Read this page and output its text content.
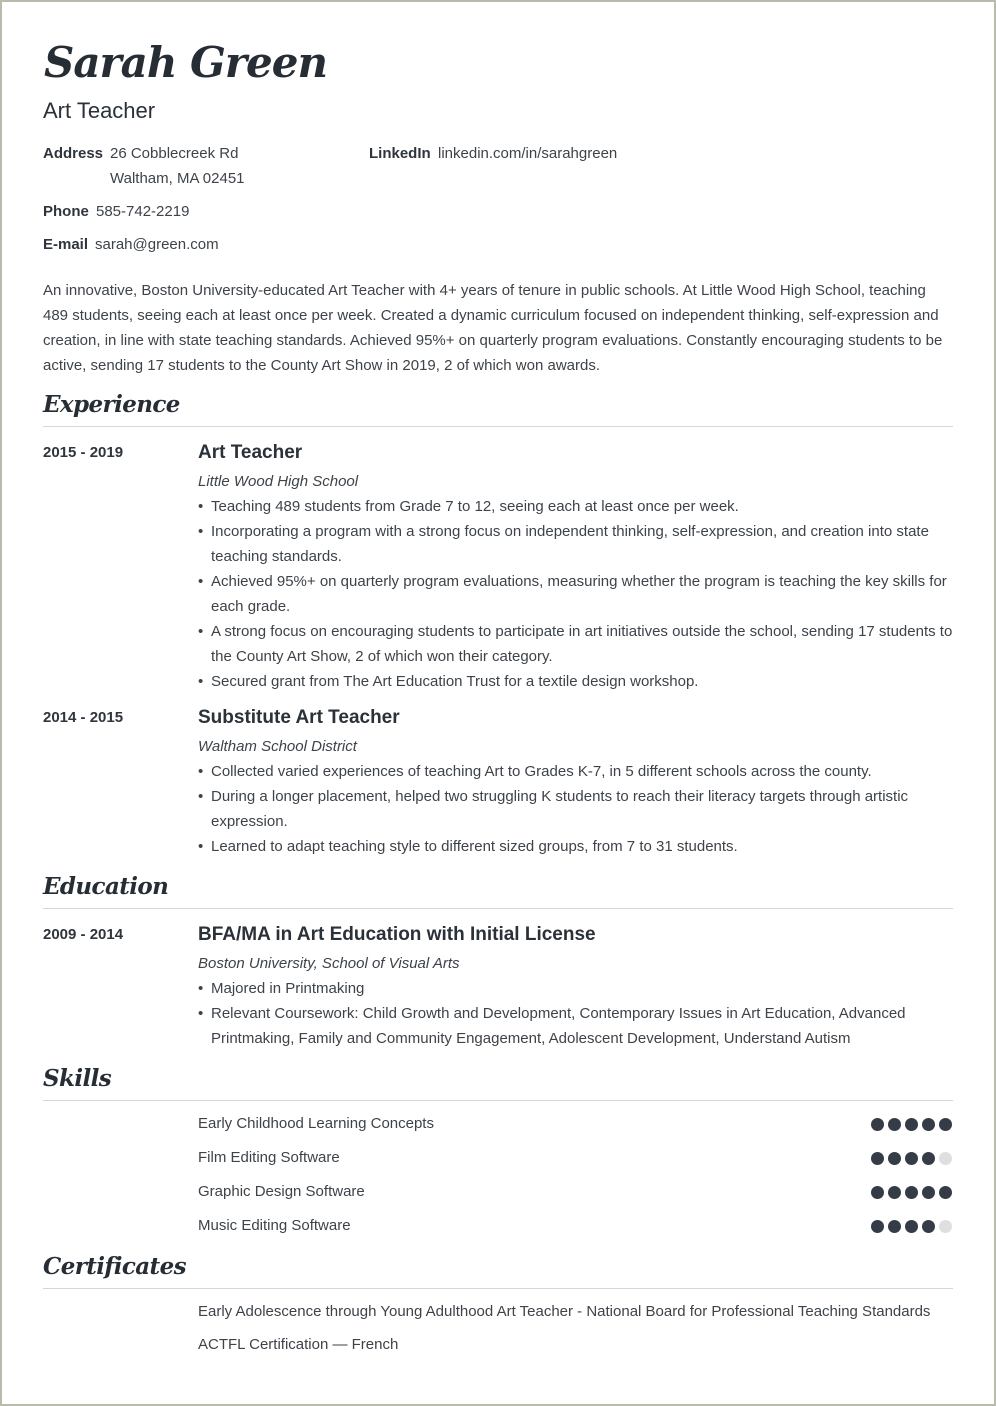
Sarah Green
Art Teacher
Address 26 Cobblecreek Rd
Waltham, MA 02451
LinkedIn linkedin.com/in/sarahgreen
Phone 585-742-2219
E-mail sarah@green.com
An innovative, Boston University-educated Art Teacher with 4+ years of tenure in public schools. At Little Wood High School, teaching 489 students, seeing each at least once per week. Created a dynamic curriculum focused on independent thinking, self-expression and creation, in line with state teaching standards. Achieved 95%+ on quarterly program evaluations. Constantly encouraging students to be active, sending 17 students to the County Art Show in 2019, 2 of which won awards.
Experience
2015 - 2019	Art Teacher
Little Wood High School
• Teaching 489 students from Grade 7 to 12, seeing each at least once per week.
• Incorporating a program with a strong focus on independent thinking, self-expression, and creation into state teaching standards.
• Achieved 95%+ on quarterly program evaluations, measuring whether the program is teaching the key skills for each grade.
• A strong focus on encouraging students to participate in art initiatives outside the school, sending 17 students to the County Art Show, 2 of which won their category.
• Secured grant from The Art Education Trust for a textile design workshop.
2014 - 2015	Substitute Art Teacher
Waltham School District
• Collected varied experiences of teaching Art to Grades K-7, in 5 different schools across the county.
• During a longer placement, helped two struggling K students to reach their literacy targets through artistic expression.
• Learned to adapt teaching style to different sized groups, from 7 to 31 students.
Education
2009 - 2014	BFA/MA in Art Education with Initial License
Boston University, School of Visual Arts
• Majored in Printmaking
• Relevant Coursework: Child Growth and Development, Contemporary Issues in Art Education, Advanced Printmaking, Family and Community Engagement, Adolescent Development, Understand Autism
Skills
Early Childhood Learning Concepts
Film Editing Software
Graphic Design Software
Music Editing Software
Certificates
Early Adolescence through Young Adulthood Art Teacher - National Board for Professional Teaching Standards
ACTFL Certification — French
